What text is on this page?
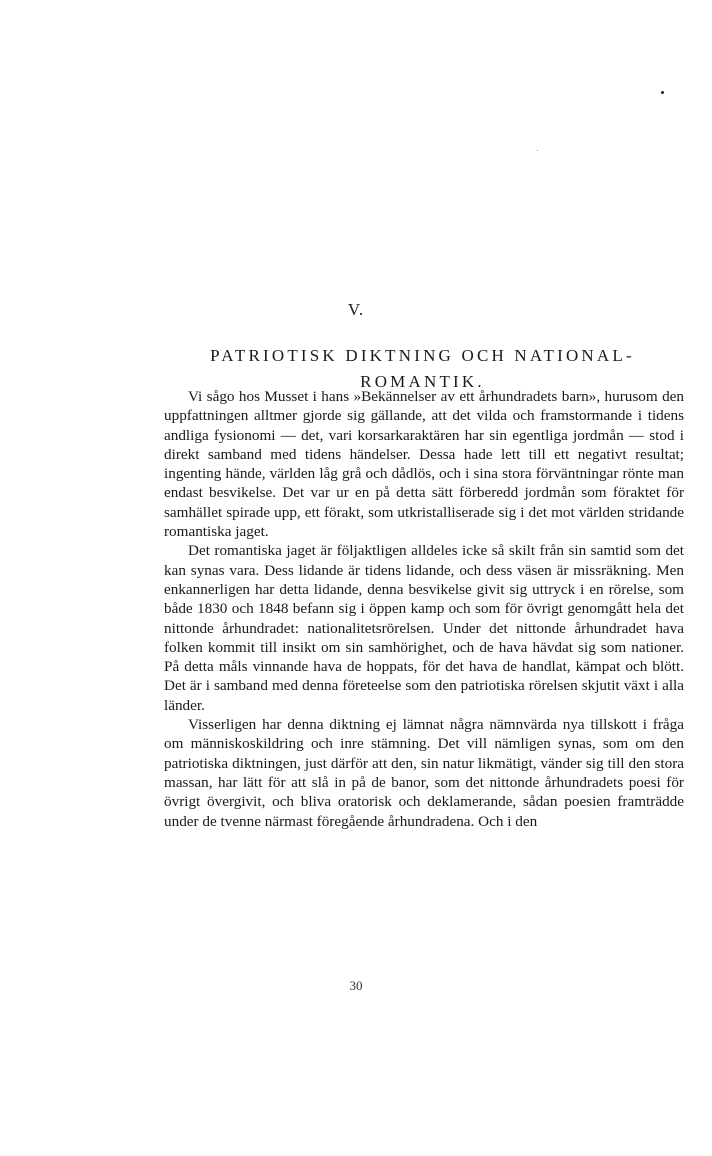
V.
PATRIOTISK DIKTNING OCH NATIONAL-ROMANTIK.

Vi sågo hos Musset i hans »Bekännelser av ett århundradets barn», hurusom den uppfattningen alltmer gjorde sig gällande, att det vilda och framstormande i tidens andliga fysionomi — det, vari korsarkaraktären har sin egentliga jordmån — stod i direkt samband med tidens händelser. Dessa hade lett till ett negativt resultat; ingenting hände, världen låg grå och dådlös, och i sina stora förväntningar rönte man endast besvikelse. Det var ur en på detta sätt förberedd jordmån som föraktet för samhället spirade upp, ett förakt, som utkristalliserade sig i det mot världen stridande romantiska jaget.

Det romantiska jaget är följaktligen alldeles icke så skilt från sin samtid som det kan synas vara. Dess lidande är tidens lidande, och dess väsen är missräkning. Men enkannerligen har detta lidande, denna besvikelse givit sig uttryck i en rörelse, som både 1830 och 1848 befann sig i öppen kamp och som för övrigt genomgått hela det nittonde århundradet: nationalitetsrörelsen. Under det nittonde århundradet hava folken kommit till insikt om sin samhörighet, och de hava hävdat sig som nationer. På detta måls vinnande hava de hoppats, för det hava de handlat, kämpat och blött. Det är i samband med denna företeelse som den patriotiska rörelsen skjutit växt i alla länder.

Visserligen har denna diktning ej lämnat några nämnvärda nya tillskott i fråga om människoskildring och inre stämning. Det vill nämligen synas, som om den patriotiska diktningen, just därför att den, sin natur likmätigt, vänder sig till den stora massan, har lätt för att slå in på de banor, som det nittonde århundradets poesi för övrigt övergivit, och bliva oratorisk och deklamerande, sådan poesien framträdde under de tvenne närmast föregående århundradena. Och i den

30
